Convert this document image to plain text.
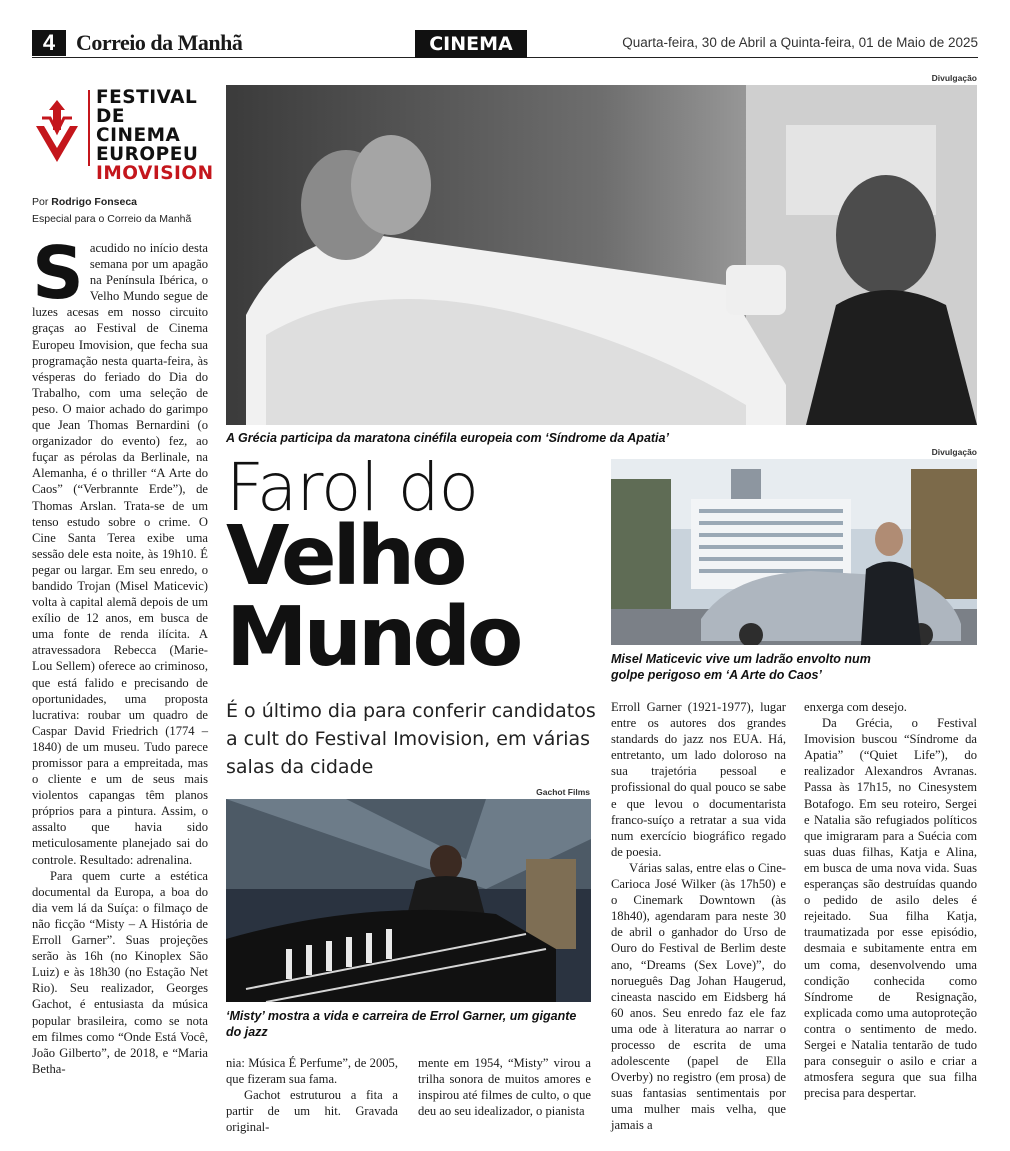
4 Correio da Manhã	CINEMA	Quarta-feira, 30 de Abril a Quinta-feira, 01 de Maio de 2025
FESTIVAL
DE CINEMA
EUROPEU
IMOVISION
Por Rodrigo Fonseca
Especial para o Correio da Manhã

Sacudido no início desta semana por um apagão na Península Ibérica, o Velho Mundo segue de luzes acesas em nosso circuito graças ao Festival de Cinema Europeu Imovision, que fecha sua programação nesta quarta-feira, às vésperas do feriado do Dia do Trabalho, com uma seleção de peso. O maior achado do garimpo que Jean Thomas Bernardini (o organizador do evento) fez, ao fuçar as pérolas da Berlinale, na Alemanha, é o thriller “A Arte do Caos” (“Verbrannte Erde”), de Thomas Arslan. Trata-se de um tenso estudo sobre o crime. O Cine Santa Terea exibe uma sessão dele esta noite, às 19h10. É pegar ou largar. Em seu enredo, o bandido Trojan (Misel Maticevic) volta à capital alemã depois de um exílio de 12 anos, em busca de uma fonte de renda ilícita. A atravessadora Rebecca (Marie-Lou Sellem) oferece ao criminoso, que está falido e precisando de oportunidades, uma proposta lucrativa: roubar um quadro de Caspar David Friedrich (1774 –1840) de um museu. Tudo parece promissor para a empreitada, mas o cliente e um de seus mais violentos capangas têm planos próprios para a pintura. Assim, o assalto que havia sido meticulosamente planejado sai do controle. Resultado: adrenalina.

Para quem curte a estética documental da Europa, a boa do dia vem lá da Suíça: o filmaço de não ficção “Misty – A História de Erroll Garner”. Suas projeções serão às 16h (no Kinoplex São Luiz) e às 18h30 (no Estação Net Rio). Seu realizador, Georges Gachot, é entusiasta da música popular brasileira, como se nota em filmes como “Onde Está Você, João Gilberto”, de 2018, e “Maria Betha-

Divulgação
A Grécia participa da maratona cinéfila europeia com ‘Síndrome da Apatia’
Farol do
Velho
Mundo
É o último dia para conferir candidatos a cult do Festival Imovision, em várias salas da cidade
Divulgação
Misel Maticevic vive um ladrão envolto num golpe perigoso em ‘A Arte do Caos’
Gachot Films
‘Misty’ mostra a vida e carreira de Errol Garner, um gigante do jazz

nia: Música É Perfume”, de 2005, que fizeram sua fama.

Gachot estruturou a fita a partir de um hit. Gravada original-

mente em 1954, “Misty” virou a trilha sonora de muitos amores e inspirou até filmes de culto, o que deu ao seu idealizador, o pianista

Erroll Garner (1921-1977), lugar entre os autores dos grandes standards do jazz nos EUA. Há, entretanto, um lado doloroso na sua trajetória pessoal e profissional do qual pouco se sabe e que levou o documentarista franco-suíço a retratar a sua vida num exercício biográfico regado de poesia.

Várias salas, entre elas o Cine-Carioca José Wilker (às 17h50) e o Cinemark Downtown (às 18h40), agendaram para neste 30 de abril o ganhador do Urso de Ouro do Festival de Berlim deste ano, “Dreams (Sex Love)”, do norueguês Dag Johan Haugerud, cineasta nascido em Eidsberg há 60 anos. Seu enredo faz ele faz uma ode à literatura ao narrar o processo de escrita de uma adolescente (papel de Ella Overby) no registro (em prosa) de suas fantasias sentimentais por uma mulher mais velha, que jamais a

enxerga com desejo.

Da Grécia, o Festival Imovision buscou “Síndrome da Apatia” (“Quiet Life”), do realizador Alexandros Avranas. Passa às 17h15, no Cinesystem Botafogo. Em seu roteiro, Sergei e Natalia são refugiados políticos que imigraram para a Suécia com suas duas filhas, Katja e Alina, em busca de uma nova vida. Suas esperanças são destruídas quando o pedido de asilo deles é rejeitado. Sua filha Katja, traumatizada por esse episódio, desmaia e subitamente entra em um coma, desenvolvendo uma condição conhecida como Síndrome de Resignação, explicada como uma autoproteção contra o sentimento de medo. Sergei e Natalia tentarão de tudo para conseguir o asilo e criar a atmosfera segura que sua filha precisa para despertar.
